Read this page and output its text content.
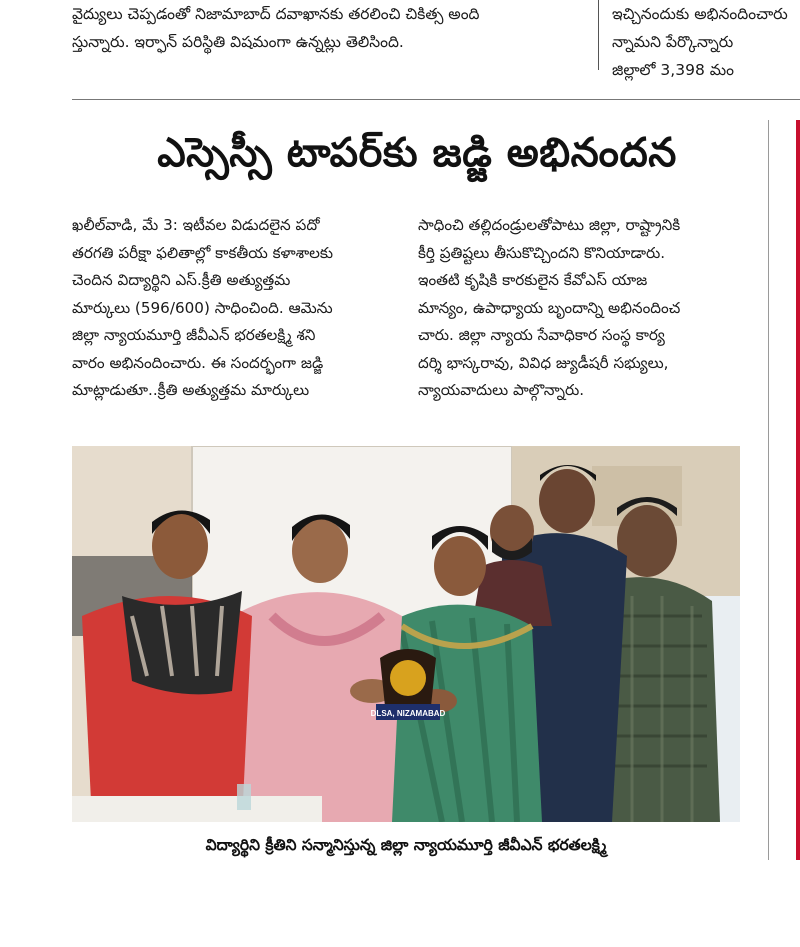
వైద్యులు చెప్పడంతో నిజామాబాద్ దవాఖానకు తరలించి చికిత్స అంది
స్తున్నారు. ఇర్ఫాన్ పరిస్థితి విషమంగా ఉన్నట్లు తెలిసింది.
ఇచ్చినందుకు అభినందించారు
న్నామని పేర్కొన్నారు
జిల్లాలో 3,398 మం
ఎస్సెస్సీ టాపర్‌కు జడ్జి అభినందన
ఖలీల్‌వాడి, మే 3: ఇటీవల విడుదలైన పదో
తరగతి పరీక్షా ఫలితాల్లో కాకతీయ కళాశాలకు
చెందిన విద్యార్థిని ఎస్.క్రీతి అత్యుత్తమ
మార్కులు (596/600) సాధించింది. ఆమెను
జిల్లా న్యాయమూర్తి జీవీఎన్ భరతలక్ష్మి శని
వారం అభినందించారు. ఈ సందర్భంగా జడ్జి
మాట్లాడుతూ..క్రీతి అత్యుత్తమ మార్కులు
సాధించి తల్లిదండ్రులతోపాటు జిల్లా, రాష్ట్రానికి
కీర్తి ప్రతిష్టలు తీసుకొచ్చిందని కొనియాడారు.
ఇంతటి కృషికి కారకులైన కేవోఎస్ యాజ
మాన్యం, ఉపాధ్యాయ బృందాన్ని అభినందించ
చారు. జిల్లా న్యాయ సేవాధికార సంస్థ కార్య
దర్శి భాస్కరావు, వివిధ జ్యుడీషరీ సభ్యులు,
న్యాయవాదులు పాల్గొన్నారు.
DLSA, NIZAMABAD
విద్యార్థిని క్రీతిని సన్మానిస్తున్న జిల్లా న్యాయమూర్తి జీవీఎన్ భరతలక్ష్మి
